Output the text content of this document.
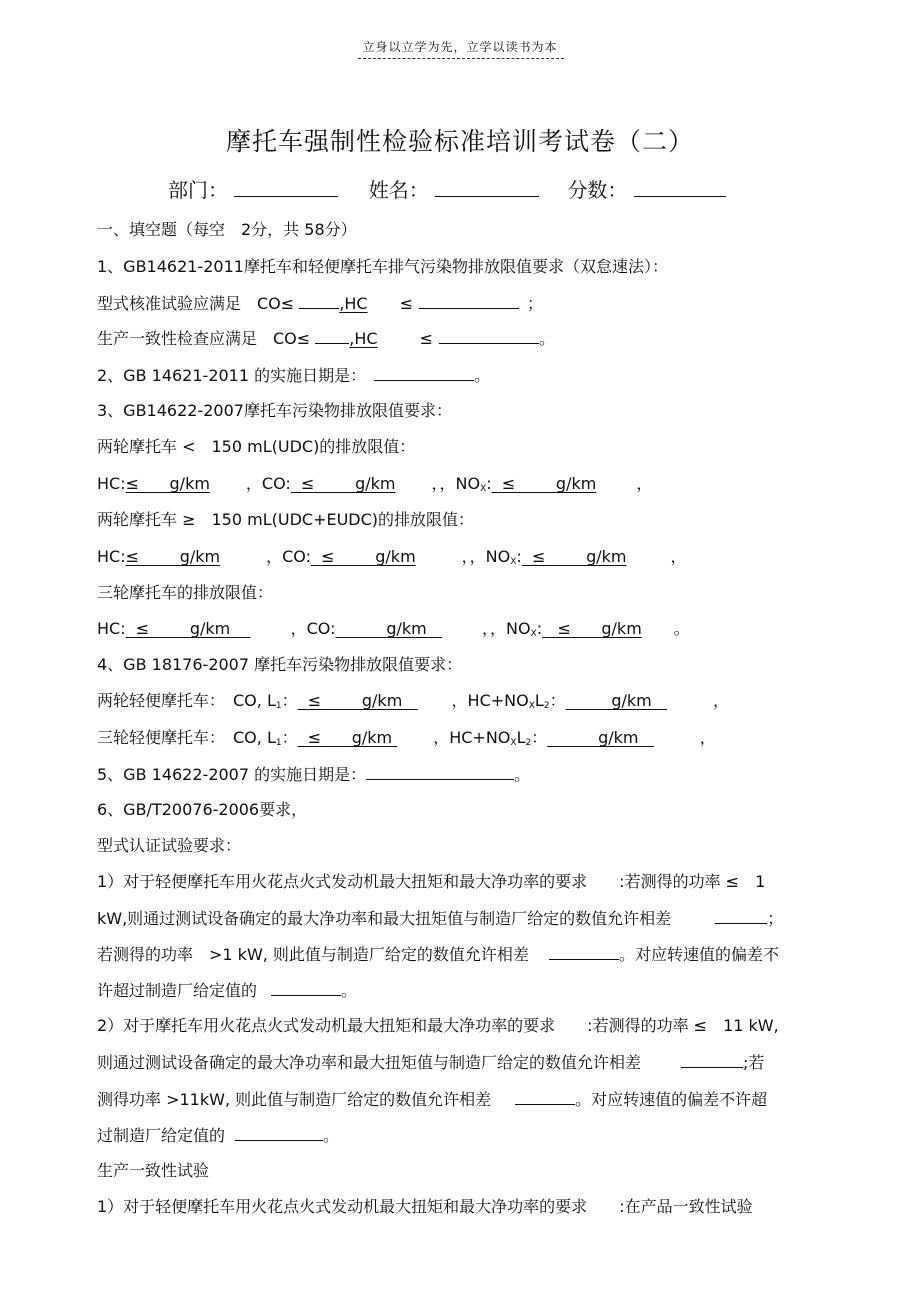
立身以立学为先，立学以读书为本
摩托车强制性检验标准培训考试卷（二）
部门：	姓名：	分数：
一、填空题（每空　2分，共 58分）
1、GB14621-2011摩托车和轻便摩托车排气污染物排放限值要求（双怠速法）：
型式核准试验应满足　CO≤	,HC ≤	；
生产一致性检查应满足　CO≤ ,HC	≤	。
2、GB 14621-2011 的实施日期是：	。
3、GB14622-2007摩托车污染物排放限值要求：
两轮摩托车 <　150 mL(UDC)的排放限值：
HC:≤ g/km ，CO: ≤	g/km ，，$NO_X$: ≤	g/km	，
两轮摩托车 ≥　150 mL(UDC+EUDC)的排放限值：
HC:≤	g/km	，CO: ≤	g/km	，，$NO_X$: ≤	g/km	，
三轮摩托车的排放限值：
HC: ≤	g/km	，CO:	g/km	，，$NO_X$: ≤ g/km 。
4、GB 18176-2007 摩托车污染物排放限值要求：
两轮轻便摩托车：　CO, $L_1$： ≤	g/km	，$HC+NO_XL_2$：	g/km	，
三轮轻便摩托车：　CO, $L_1$： ≤ g/km	，$HC+NO_XL_2$：	g/km	，
5、GB 14622-2007 的实施日期是：	。
6、GB/T20076-2006要求，
型式认证试验要求：
1）对于轻便摩托车用火花点火式发动机最大扭矩和最大净功率的要求　　:若测得的功率 ≤　1
kW,则通过测试设备确定的最大净功率和最大扭矩值与制造厂给定的数值允许相差	；
若测得的功率　>1 kW, 则此值与制造厂给定的数值允许相差	。对应转速值的偏差不
许超过制造厂给定值的	。
2）对于摩托车用火花点火式发动机最大扭矩和最大净功率的要求　　:若测得的功率 ≤　11 kW,
则通过测试设备确定的最大净功率和最大扭矩值与制造厂给定的数值允许相差	;若
测得功率 >11kW, 则此值与制造厂给定的数值允许相差	。对应转速值的偏差不许超
过制造厂给定值的	。
生产一致性试验
1）对于轻便摩托车用火花点火式发动机最大扭矩和最大净功率的要求　　:在产品一致性试验
